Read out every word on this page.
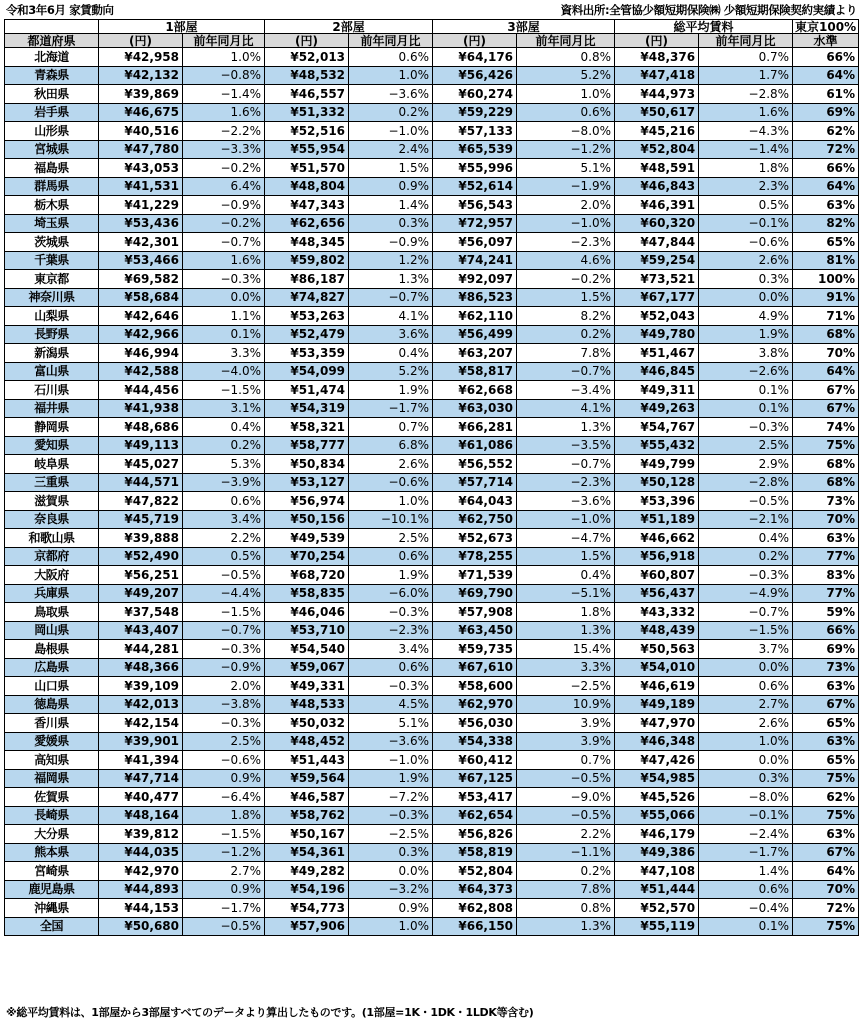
令和3年6月 家賃動向	資料出所:全管協少額短期保険㈱ 少額短期保険契約実績より
	1部屋		2部屋		3部屋		総平均賃料		東京100%
都道府県	(円)	前年同月比	(円)	前年同月比	(円)	前年同月比	(円)	前年同月比	水準
北海道	¥42,958	1.0%	¥52,013	0.6%	¥64,176	0.8%	¥48,376	0.7%	66%
青森県	¥42,132	−0.8%	¥48,532	1.0%	¥56,426	5.2%	¥47,418	1.7%	64%
秋田県	¥39,869	−1.4%	¥46,557	−3.6%	¥60,274	1.0%	¥44,973	−2.8%	61%
岩手県	¥46,675	1.6%	¥51,332	0.2%	¥59,229	0.6%	¥50,617	1.6%	69%
山形県	¥40,516	−2.2%	¥52,516	−1.0%	¥57,133	−8.0%	¥45,216	−4.3%	62%
宮城県	¥47,780	−3.3%	¥55,954	2.4%	¥65,539	−1.2%	¥52,804	−1.4%	72%
福島県	¥43,053	−0.2%	¥51,570	1.5%	¥55,996	5.1%	¥48,591	1.8%	66%
群馬県	¥41,531	6.4%	¥48,804	0.9%	¥52,614	−1.9%	¥46,843	2.3%	64%
栃木県	¥41,229	−0.9%	¥47,343	1.4%	¥56,543	2.0%	¥46,391	0.5%	63%
埼玉県	¥53,436	−0.2%	¥62,656	0.3%	¥72,957	−1.0%	¥60,320	−0.1%	82%
茨城県	¥42,301	−0.7%	¥48,345	−0.9%	¥56,097	−2.3%	¥47,844	−0.6%	65%
千葉県	¥53,466	1.6%	¥59,802	1.2%	¥74,241	4.6%	¥59,254	2.6%	81%
東京都	¥69,582	−0.3%	¥86,187	1.3%	¥92,097	−0.2%	¥73,521	0.3%	100%
神奈川県	¥58,684	0.0%	¥74,827	−0.7%	¥86,523	1.5%	¥67,177	0.0%	91%
山梨県	¥42,646	1.1%	¥53,263	4.1%	¥62,110	8.2%	¥52,043	4.9%	71%
長野県	¥42,966	0.1%	¥52,479	3.6%	¥56,499	0.2%	¥49,780	1.9%	68%
新潟県	¥46,994	3.3%	¥53,359	0.4%	¥63,207	7.8%	¥51,467	3.8%	70%
富山県	¥42,588	−4.0%	¥54,099	5.2%	¥58,817	−0.7%	¥46,845	−2.6%	64%
石川県	¥44,456	−1.5%	¥51,474	1.9%	¥62,668	−3.4%	¥49,311	0.1%	67%
福井県	¥41,938	3.1%	¥54,319	−1.7%	¥63,030	4.1%	¥49,263	0.1%	67%
静岡県	¥48,686	0.4%	¥58,321	0.7%	¥66,281	1.3%	¥54,767	−0.3%	74%
愛知県	¥49,113	0.2%	¥58,777	6.8%	¥61,086	−3.5%	¥55,432	2.5%	75%
岐阜県	¥45,027	5.3%	¥50,834	2.6%	¥56,552	−0.7%	¥49,799	2.9%	68%
三重県	¥44,571	−3.9%	¥53,127	−0.6%	¥57,714	−2.3%	¥50,128	−2.8%	68%
滋賀県	¥47,822	0.6%	¥56,974	1.0%	¥64,043	−3.6%	¥53,396	−0.5%	73%
奈良県	¥45,719	3.4%	¥50,156	−10.1%	¥62,750	−1.0%	¥51,189	−2.1%	70%
和歌山県	¥39,888	2.2%	¥49,539	2.5%	¥52,673	−4.7%	¥46,662	0.4%	63%
京都府	¥52,490	0.5%	¥70,254	0.6%	¥78,255	1.5%	¥56,918	0.2%	77%
大阪府	¥56,251	−0.5%	¥68,720	1.9%	¥71,539	0.4%	¥60,807	−0.3%	83%
兵庫県	¥49,207	−4.4%	¥58,835	−6.0%	¥69,790	−5.1%	¥56,437	−4.9%	77%
鳥取県	¥37,548	−1.5%	¥46,046	−0.3%	¥57,908	1.8%	¥43,332	−0.7%	59%
岡山県	¥43,407	−0.7%	¥53,710	−2.3%	¥63,450	1.3%	¥48,439	−1.5%	66%
島根県	¥44,281	−0.3%	¥54,540	3.4%	¥59,735	15.4%	¥50,563	3.7%	69%
広島県	¥48,366	−0.9%	¥59,067	0.6%	¥67,610	3.3%	¥54,010	0.0%	73%
山口県	¥39,109	2.0%	¥49,331	−0.3%	¥58,600	−2.5%	¥46,619	0.6%	63%
徳島県	¥42,013	−3.8%	¥48,533	4.5%	¥62,970	10.9%	¥49,189	2.7%	67%
香川県	¥42,154	−0.3%	¥50,032	5.1%	¥56,030	3.9%	¥47,970	2.6%	65%
愛媛県	¥39,901	2.5%	¥48,452	−3.6%	¥54,338	3.9%	¥46,348	1.0%	63%
高知県	¥41,394	−0.6%	¥51,443	−1.0%	¥60,412	0.7%	¥47,426	0.0%	65%
福岡県	¥47,714	0.9%	¥59,564	1.9%	¥67,125	−0.5%	¥54,985	0.3%	75%
佐賀県	¥40,477	−6.4%	¥46,587	−7.2%	¥53,417	−9.0%	¥45,526	−8.0%	62%
長崎県	¥48,164	1.8%	¥58,762	−0.3%	¥62,654	−0.5%	¥55,066	−0.1%	75%
大分県	¥39,812	−1.5%	¥50,167	−2.5%	¥56,826	2.2%	¥46,179	−2.4%	63%
熊本県	¥44,035	−1.2%	¥54,361	0.3%	¥58,819	−1.1%	¥49,386	−1.7%	67%
宮崎県	¥42,970	2.7%	¥49,282	0.0%	¥52,804	0.2%	¥47,108	1.4%	64%
鹿児島県	¥44,893	0.9%	¥54,196	−3.2%	¥64,373	7.8%	¥51,444	0.6%	70%
沖縄県	¥44,153	−1.7%	¥54,773	0.9%	¥62,808	0.8%	¥52,570	−0.4%	72%
全国	¥50,680	−0.5%	¥57,906	1.0%	¥66,150	1.3%	¥55,119	0.1%	75%
※総平均賃料は、1部屋から3部屋すべてのデータより算出したものです。(1部屋=1K・1DK・1LDK等含む)
